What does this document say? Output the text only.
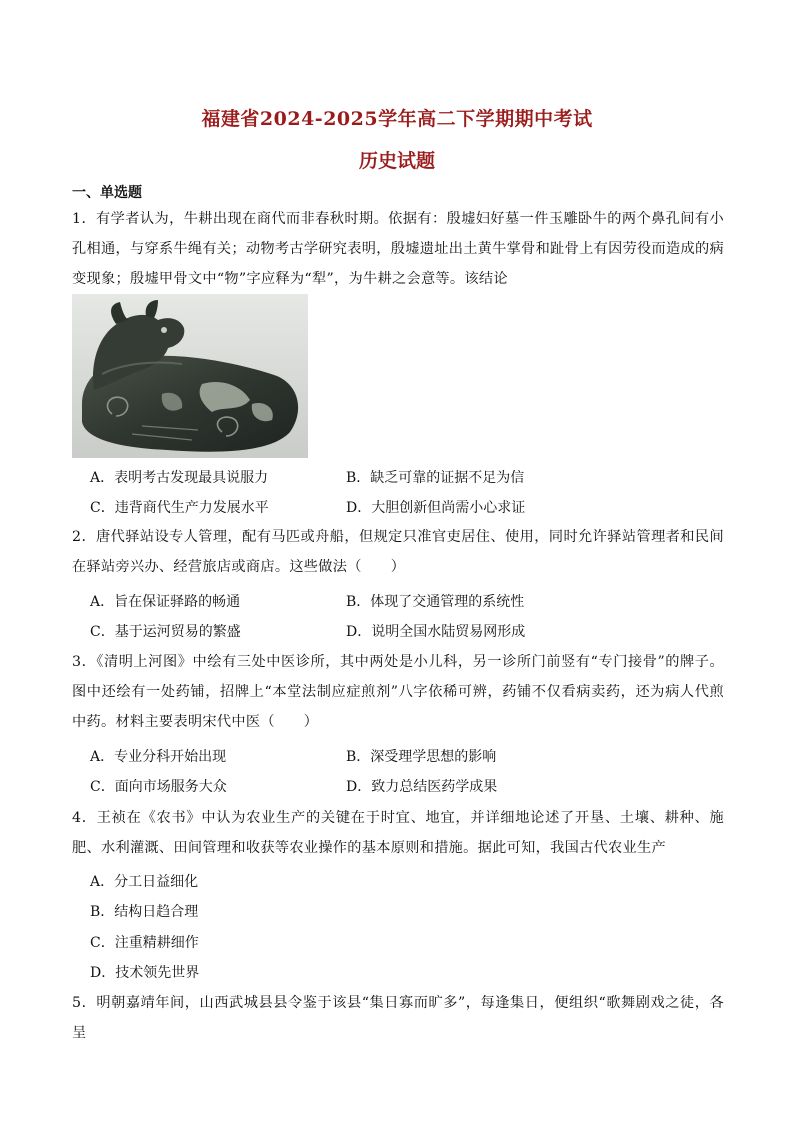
福建省2024-2025学年高二下学期期中考试
历史试题
一、单选题
1．有学者认为，牛耕出现在商代而非春秋时期。依据有：殷墟妇好墓一件玉雕卧牛的两个鼻孔间有小孔相通，与穿系牛绳有关；动物考古学研究表明，殷墟遗址出土黄牛掌骨和趾骨上有因劳役而造成的病变现象；殷墟甲骨文中“物”字应释为“犁”，为牛耕之会意等。该结论
A．表明考古发现最具说服力	B．缺乏可靠的证据不足为信
C．违背商代生产力发展水平	D．大胆创新但尚需小心求证
2．唐代驿站设专人管理，配有马匹或舟船，但规定只准官吏居住、使用，同时允许驿站管理者和民间在驿站旁兴办、经营旅店或商店。这些做法（　　）
A．旨在保证驿路的畅通	B．体现了交通管理的系统性
C．基于运河贸易的繁盛	D．说明全国水陆贸易网形成
3．《清明上河图》中绘有三处中医诊所，其中两处是小儿科，另一诊所门前竖有“专门接骨”的牌子。图中还绘有一处药铺，招牌上“本堂法制应症煎剂”八字依稀可辨，药铺不仅看病卖药，还为病人代煎中药。材料主要表明宋代中医（　　）
A．专业分科开始出现	B．深受理学思想的影响
C．面向市场服务大众	D．致力总结医药学成果
4．王祯在《农书》中认为农业生产的关键在于时宜、地宜，并详细地论述了开垦、土壤、耕种、施肥、水利灌溉、田间管理和收获等农业操作的基本原则和措施。据此可知，我国古代农业生产
A．分工日益细化
B．结构日趋合理
C．注重精耕细作
D．技术领先世界
5．明朝嘉靖年间，山西武城县县令鉴于该县“集日寡而旷多”，每逢集日，便组织“歌舞剧戏之徒，各呈
